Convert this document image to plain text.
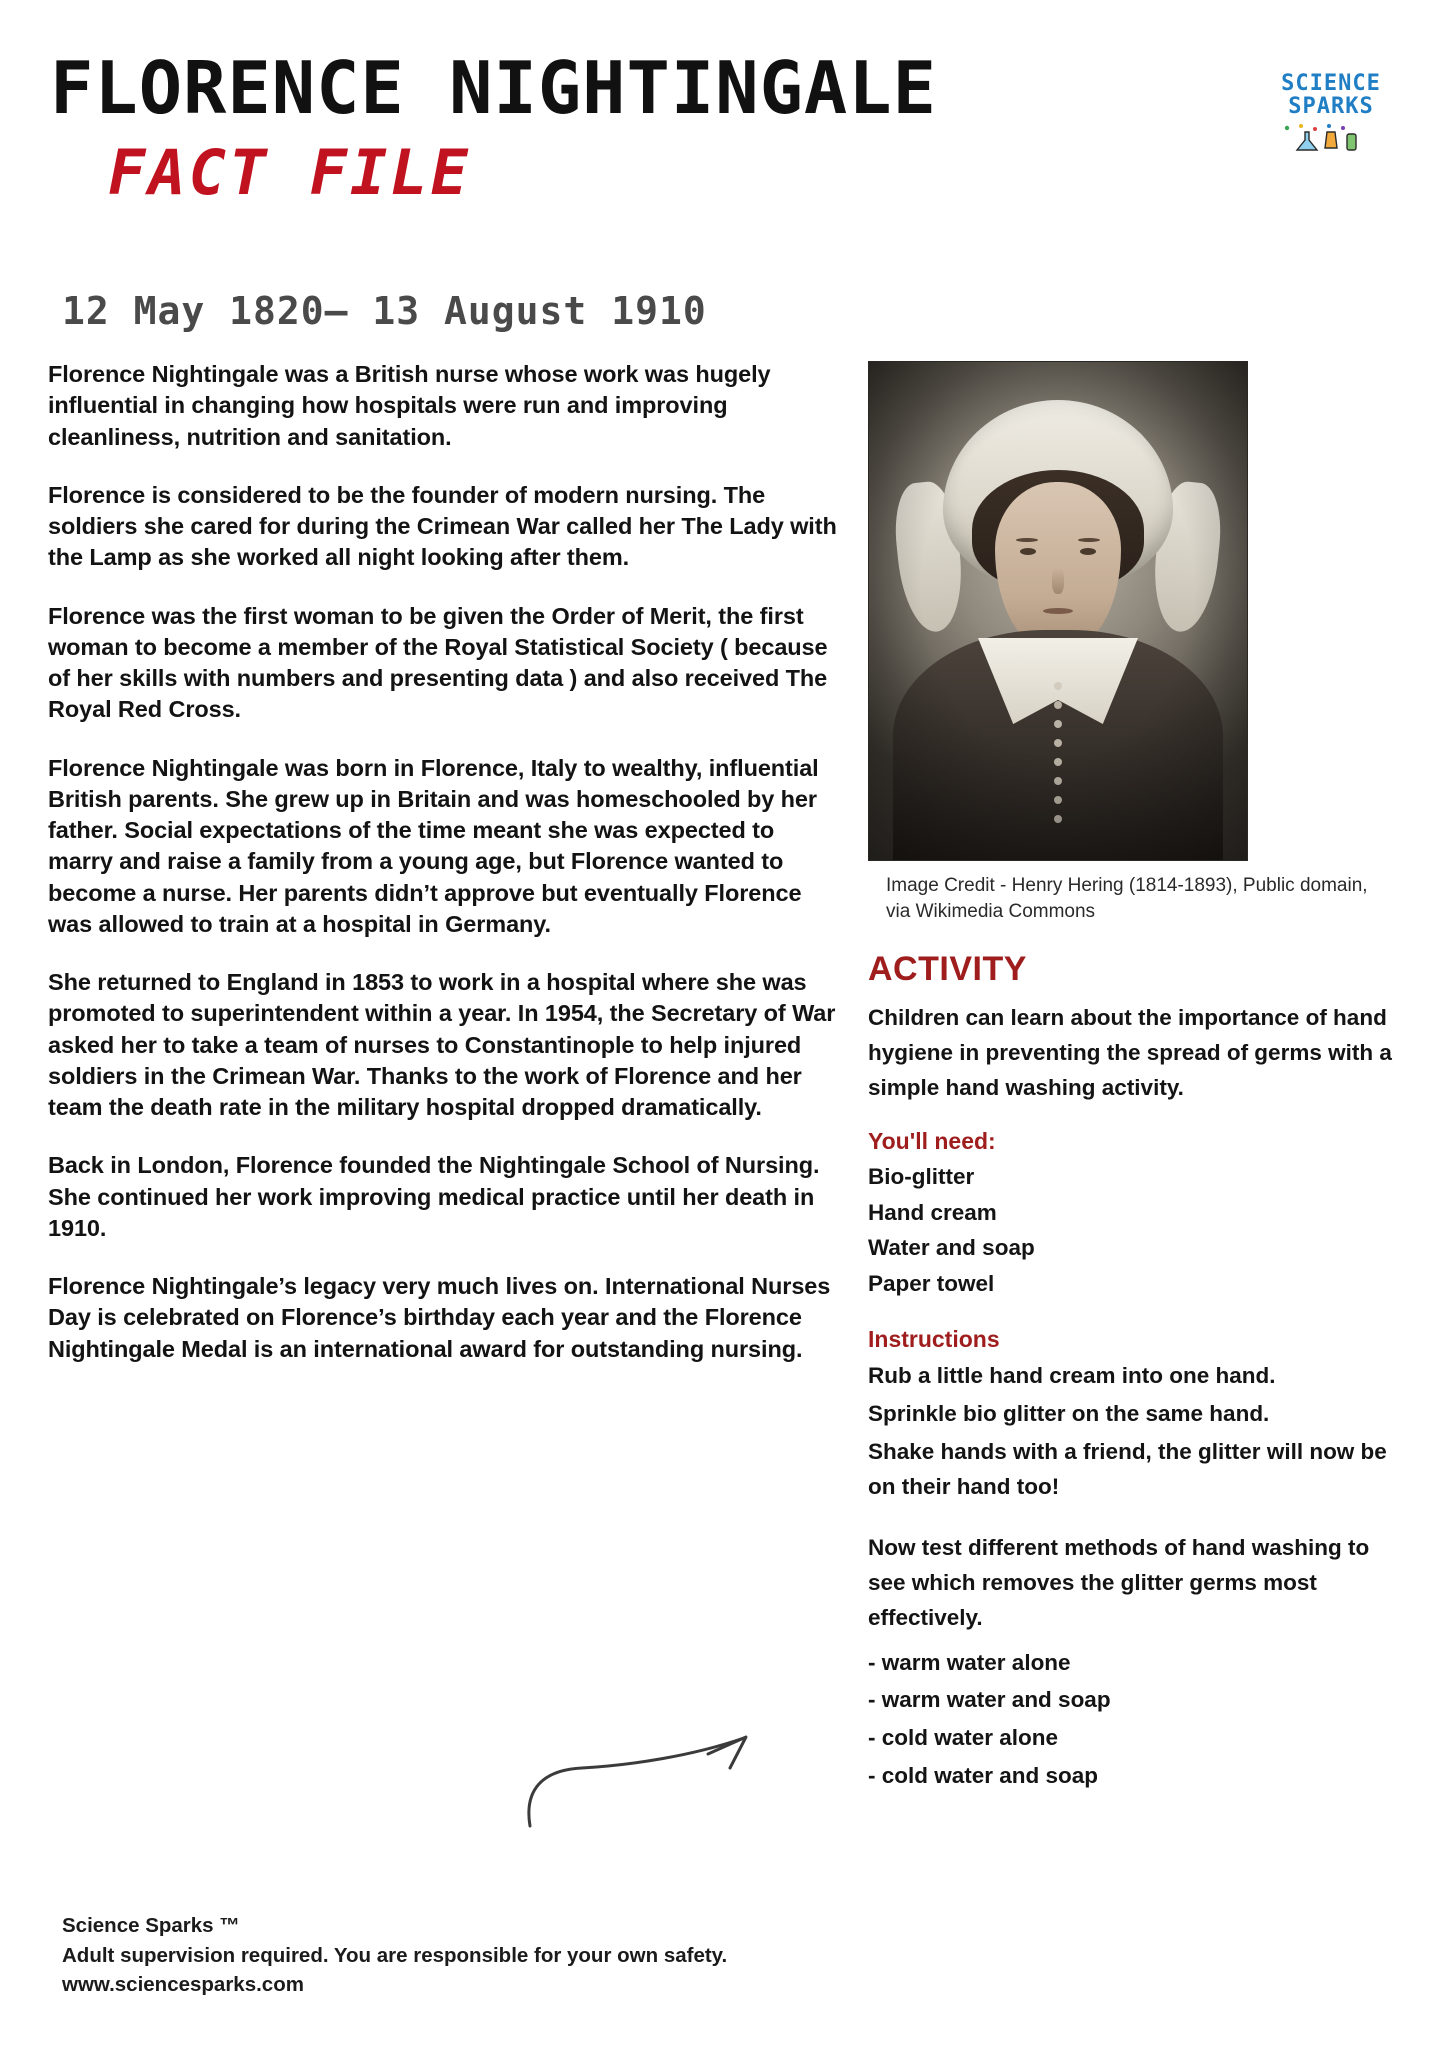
FLORENCE NIGHTINGALE
FACT FILE
SCIENCE
SPARKS
12 May 1820– 13 August 1910

Florence Nightingale was a British nurse whose work was hugely influential in changing how hospitals were run and improving cleanliness, nutrition and sanitation.

Florence is considered to be the founder of modern nursing. The soldiers she cared for during the Crimean War called her The Lady with the Lamp as she worked all night looking after them.

Florence was the first woman to be given the Order of Merit, the first woman to become a member of the Royal Statistical Society ( because of her skills with numbers and presenting data ) and also received The Royal Red Cross.

Florence Nightingale was born in Florence, Italy to wealthy, influential British parents. She grew up in Britain and was homeschooled by her father. Social expectations of the time meant she was expected to marry and raise a family from a young age, but Florence wanted to become a nurse. Her parents didn’t approve but eventually Florence was allowed to train at a hospital in Germany.

She returned to England in 1853 to work in a hospital where she was promoted to superintendent within a year. In 1954, the Secretary of War asked her to take a team of nurses to Constantinople to help injured soldiers in the Crimean War. Thanks to the work of Florence and her team the death rate in the military hospital dropped dramatically.

Back in London, Florence founded the Nightingale School of Nursing. She continued her work improving medical practice until her death in 1910.

Florence Nightingale’s legacy very much lives on. International Nurses Day is celebrated on Florence’s birthday each year and the Florence Nightingale Medal is an international award for outstanding nursing.

Image Credit - Henry Hering (1814-1893), Public domain, via Wikimedia Commons
ACTIVITY
Children can learn about the importance of hand hygiene in preventing the spread of germs with a simple hand washing activity.
You'll need:
Bio-glitter
Hand cream
Water and soap
Paper towel
Instructions
Rub a little hand cream into one hand.
Sprinkle bio glitter on the same hand.
Shake hands with a friend, the glitter will now be on their hand too!
Now test different methods of hand washing to see which removes the glitter germs most effectively.
- warm water alone
- warm water and soap
- cold water alone
- cold water and soap
Science Sparks ™
Adult supervision required. You are responsible for your own safety.
www.sciencesparks.com
